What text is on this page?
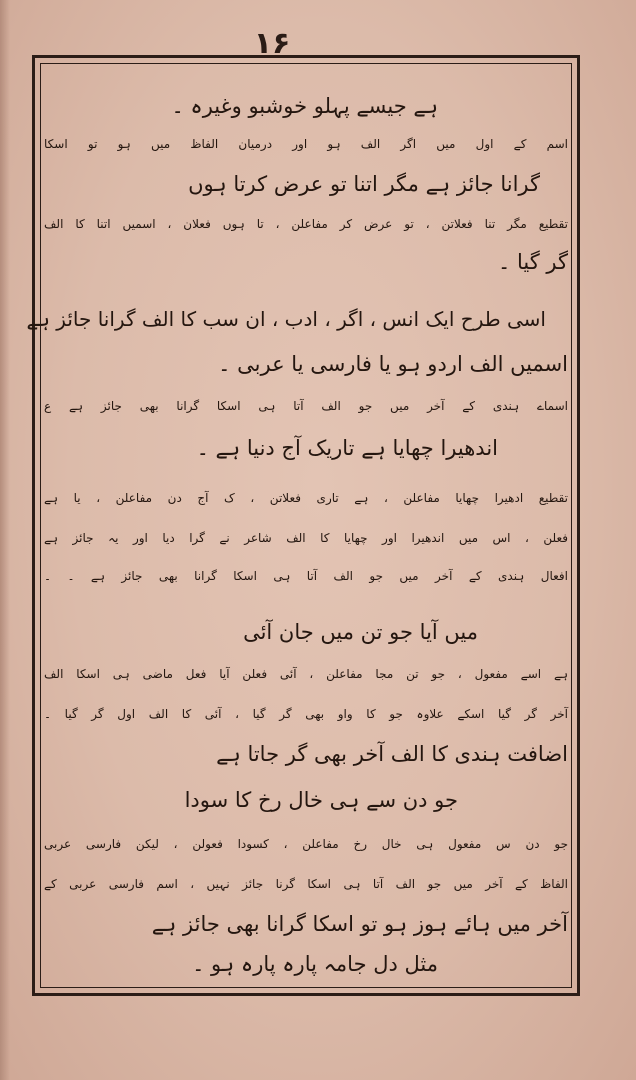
۱۶
ہے جیسے پہلو خوشبو وغیرہ ۔
اسم کے اول میں اگر الف ہو اور درمیان الفاظ میں ہو تو اسکا
گرانا جائز ہے مگر اتنا تو عرض کرتا ہوں
تقطیع مگر تنا فعلاتن ، تو عرض کر مفاعلن ، تا ہوں فعلان ، اسمیں اتنا کا الف
گر گیا ۔
اسی طرح ایک انس ، اگر ، ادب ، ان سب کا الف گرانا جائز ہے
اسمیں الف اردو ہو یا فارسی یا عربی ۔
اسماے ہندی کے آخر میں جو الف آتا ہی اسکا گرانا بھی جائز ہے ع
اندھیرا چھایا ہے تاریک آج دنیا ہے ۔
تقطیع ادھیرا چھایا مفاعلن ، ہے تاری فعلاتن ، ک آج دن مفاعلن ، یا ہے
فعلن ، اس میں اندھیرا اور چھایا کا الف شاعر نے گرا دیا اور یہ جائز ہے
افعال ہندی کے آخر میں جو الف آتا ہی اسکا گرانا بھی جائز ہے ۔ ۔
میں آیا جو تن میں جان آئی
ہے اسے مفعول ، جو تن مجا مفاعلن ، آئی فعلن آیا فعل ماضی ہی اسکا الف
آخر گر گیا اسکے علاوہ جو کا واو بھی گر گیا ، آئی کا الف اول گر گیا ۔
اضافت ہندی کا الف آخر بھی گر جاتا ہے
جو دن سے ہی خال رخ کا سودا
جو دن س مفعول ہی خال رخ مفاعلن ، کسودا فعولن ، لیکن فارسی عربی
الفاظ کے آخر میں جو الف آتا ہی اسکا گرنا جائز نہیں ، اسم فارسی عربی کے
آخر میں ہائے ہوز ہو تو اسکا گرانا بھی جائز ہے
مثل دل جامہ پارہ پارہ ہو ۔
